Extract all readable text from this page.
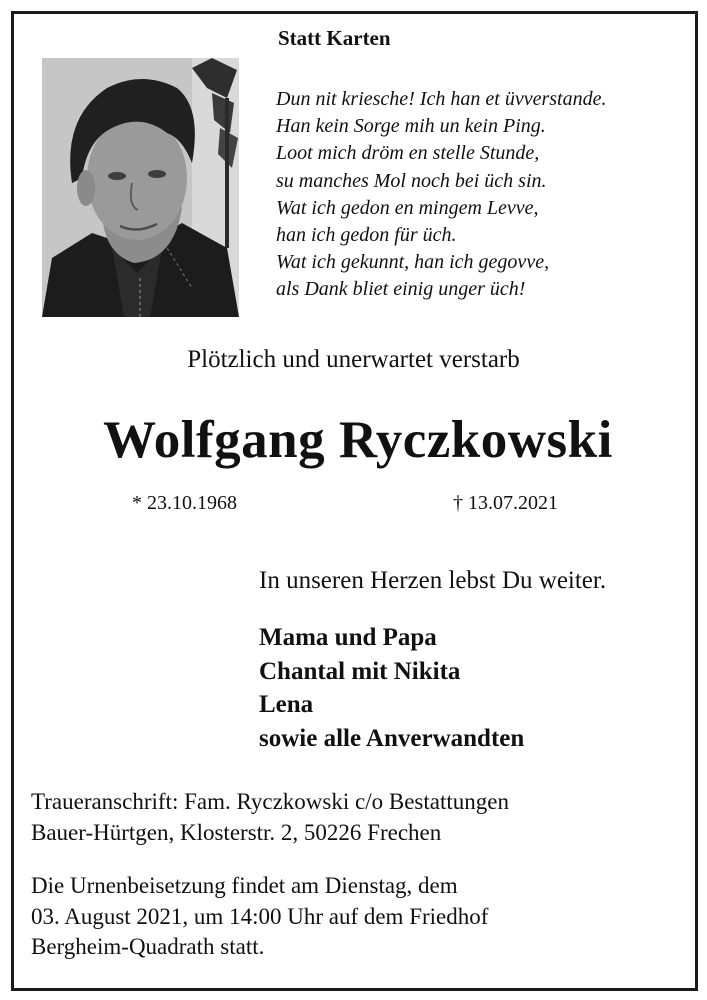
Statt Karten
Dun nit kriesche! Ich han et üvverstande.
Han kein Sorge mih un kein Ping.
Loot mich dröm en stelle Stunde,
su manches Mol noch bei üch sin.
Wat ich gedon en mingem Levve,
han ich gedon für üch.
Wat ich gekunnt, han ich gegovve,
als Dank bliet einig unger üch!
Plötzlich und unerwartet verstarb
Wolfgang Ryczkowski
* 23.10.1968	† 13.07.2021
In unseren Herzen lebst Du weiter.
Mama und Papa
Chantal mit Nikita
Lena
sowie alle Anverwandten
Traueranschrift: Fam. Ryczkowski c/o Bestattungen
Bauer-Hürtgen, Klosterstr. 2, 50226 Frechen
Die Urnenbeisetzung findet am Dienstag, dem
03. August 2021, um 14:00 Uhr auf dem Friedhof
Bergheim-Quadrath statt.
